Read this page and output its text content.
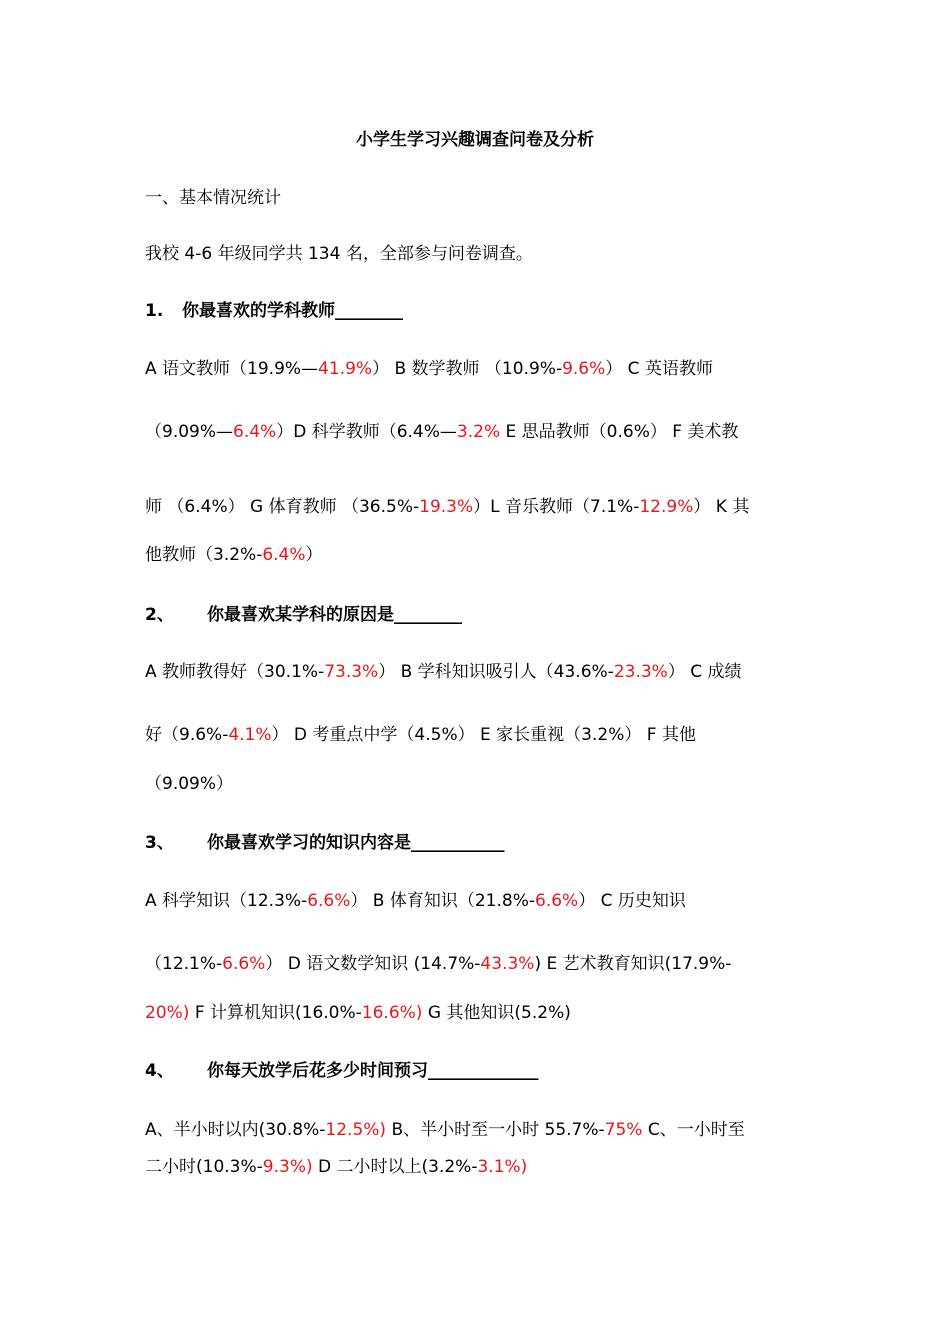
小学生学习兴趣调查问卷及分析
一、基本情况统计
我校 4-6 年级同学共 134 名，全部参与问卷调查。
1. 你最喜欢的学科教师________
A 语文教师（19.9%—41.9%） B 数学教师 （10.9%-9.6%） C 英语教师
（9.09%—6.4%）D 科学教师（6.4%—3.2% E 思品教师（0.6%） F 美术教
师 （6.4%） G 体育教师 （36.5%-19.3%）L 音乐教师（7.1%-12.9%） K 其
他教师（3.2%-6.4%）
2、 你最喜欢某学科的原因是________
A 教师教得好（30.1%-73.3%） B 学科知识吸引人（43.6%-23.3%） C 成绩
好（9.6%-4.1%） D 考重点中学（4.5%） E 家长重视（3.2%） F 其他
（9.09%）
3、 你最喜欢学习的知识内容是___________
A 科学知识（12.3%-6.6%） B 体育知识（21.8%-6.6%） C 历史知识
（12.1%-6.6%） D 语文数学知识 (14.7%-43.3%) E 艺术教育知识(17.9%-
20%) F 计算机知识(16.0%-16.6%) G 其他知识(5.2%)
4、 你每天放学后花多少时间预习_____________
A、半小时以内(30.8%-12.5%) B、半小时至一小时 55.7%-75% C、一小时至
二小时(10.3%-9.3%) D 二小时以上(3.2%-3.1%)
